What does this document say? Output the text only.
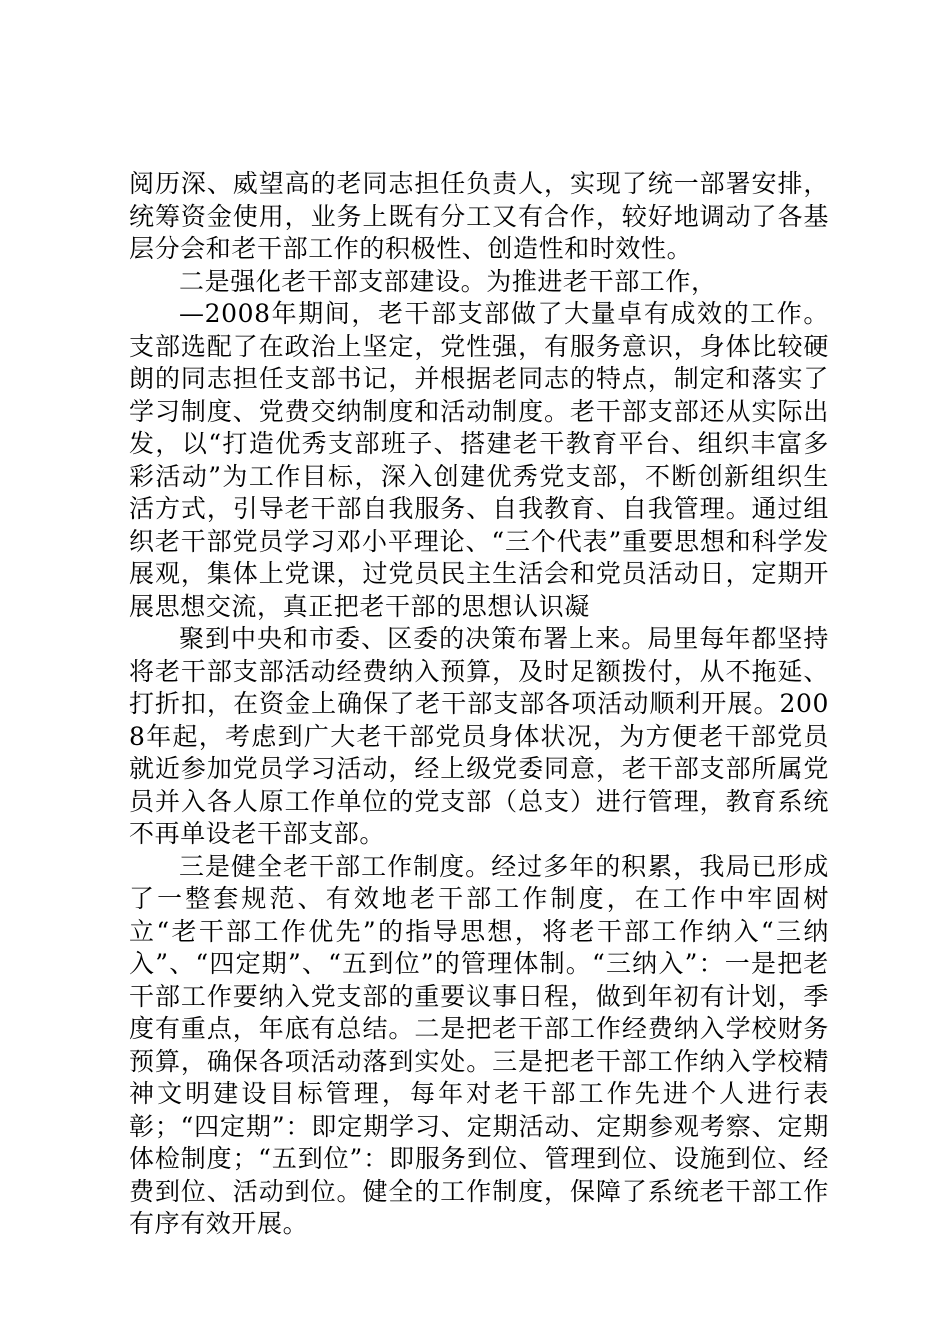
阅历深、威望高的老同志担任负责人，实现了统一部署安排，统筹资金使用，业务上既有分工又有合作，较好地调动了各基层分会和老干部工作的积极性、创造性和时效性。

二是强化老干部支部建设。为推进老干部工作，

—2008年期间，老干部支部做了大量卓有成效的工作。支部选配了在政治上坚定，党性强，有服务意识，身体比较硬朗的同志担任支部书记，并根据老同志的特点，制定和落实了学习制度、党费交纳制度和活动制度。老干部支部还从实际出发，以“打造优秀支部班子、搭建老干教育平台、组织丰富多彩活动”为工作目标，深入创建优秀党支部，不断创新组织生活方式，引导老干部自我服务、自我教育、自我管理。通过组织老干部党员学习邓小平理论、“三个代表”重要思想和科学发展观，集体上党课，过党员民主生活会和党员活动日，定期开展思想交流，真正把老干部的思想认识凝

聚到中央和市委、区委的决策布署上来。局里每年都坚持将老干部支部活动经费纳入预算，及时足额拨付，从不拖延、打折扣，在资金上确保了老干部支部各项活动顺利开展。2008年起，考虑到广大老干部党员身体状况，为方便老干部党员就近参加党员学习活动，经上级党委同意，老干部支部所属党员并入各人原工作单位的党支部（总支）进行管理，教育系统不再单设老干部支部。

三是健全老干部工作制度。经过多年的积累，我局已形成了一整套规范、有效地老干部工作制度，在工作中牢固树立“老干部工作优先”的指导思想，将老干部工作纳入“三纳入”、“四定期”、“五到位”的管理体制。“三纳入”：一是把老干部工作要纳入党支部的重要议事日程，做到年初有计划，季度有重点，年底有总结。二是把老干部工作经费纳入学校财务预算，确保各项活动落到实处。三是把老干部工作纳入学校精神文明建设目标管理，每年对老干部工作先进个人进行表彰；“四定期”：即定期学习、定期活动、定期参观考察、定期体检制度；“五到位”：即服务到位、管理到位、设施到位、经费到位、活动到位。健全的工作制度，保障了系统老干部工作有序有效开展。
